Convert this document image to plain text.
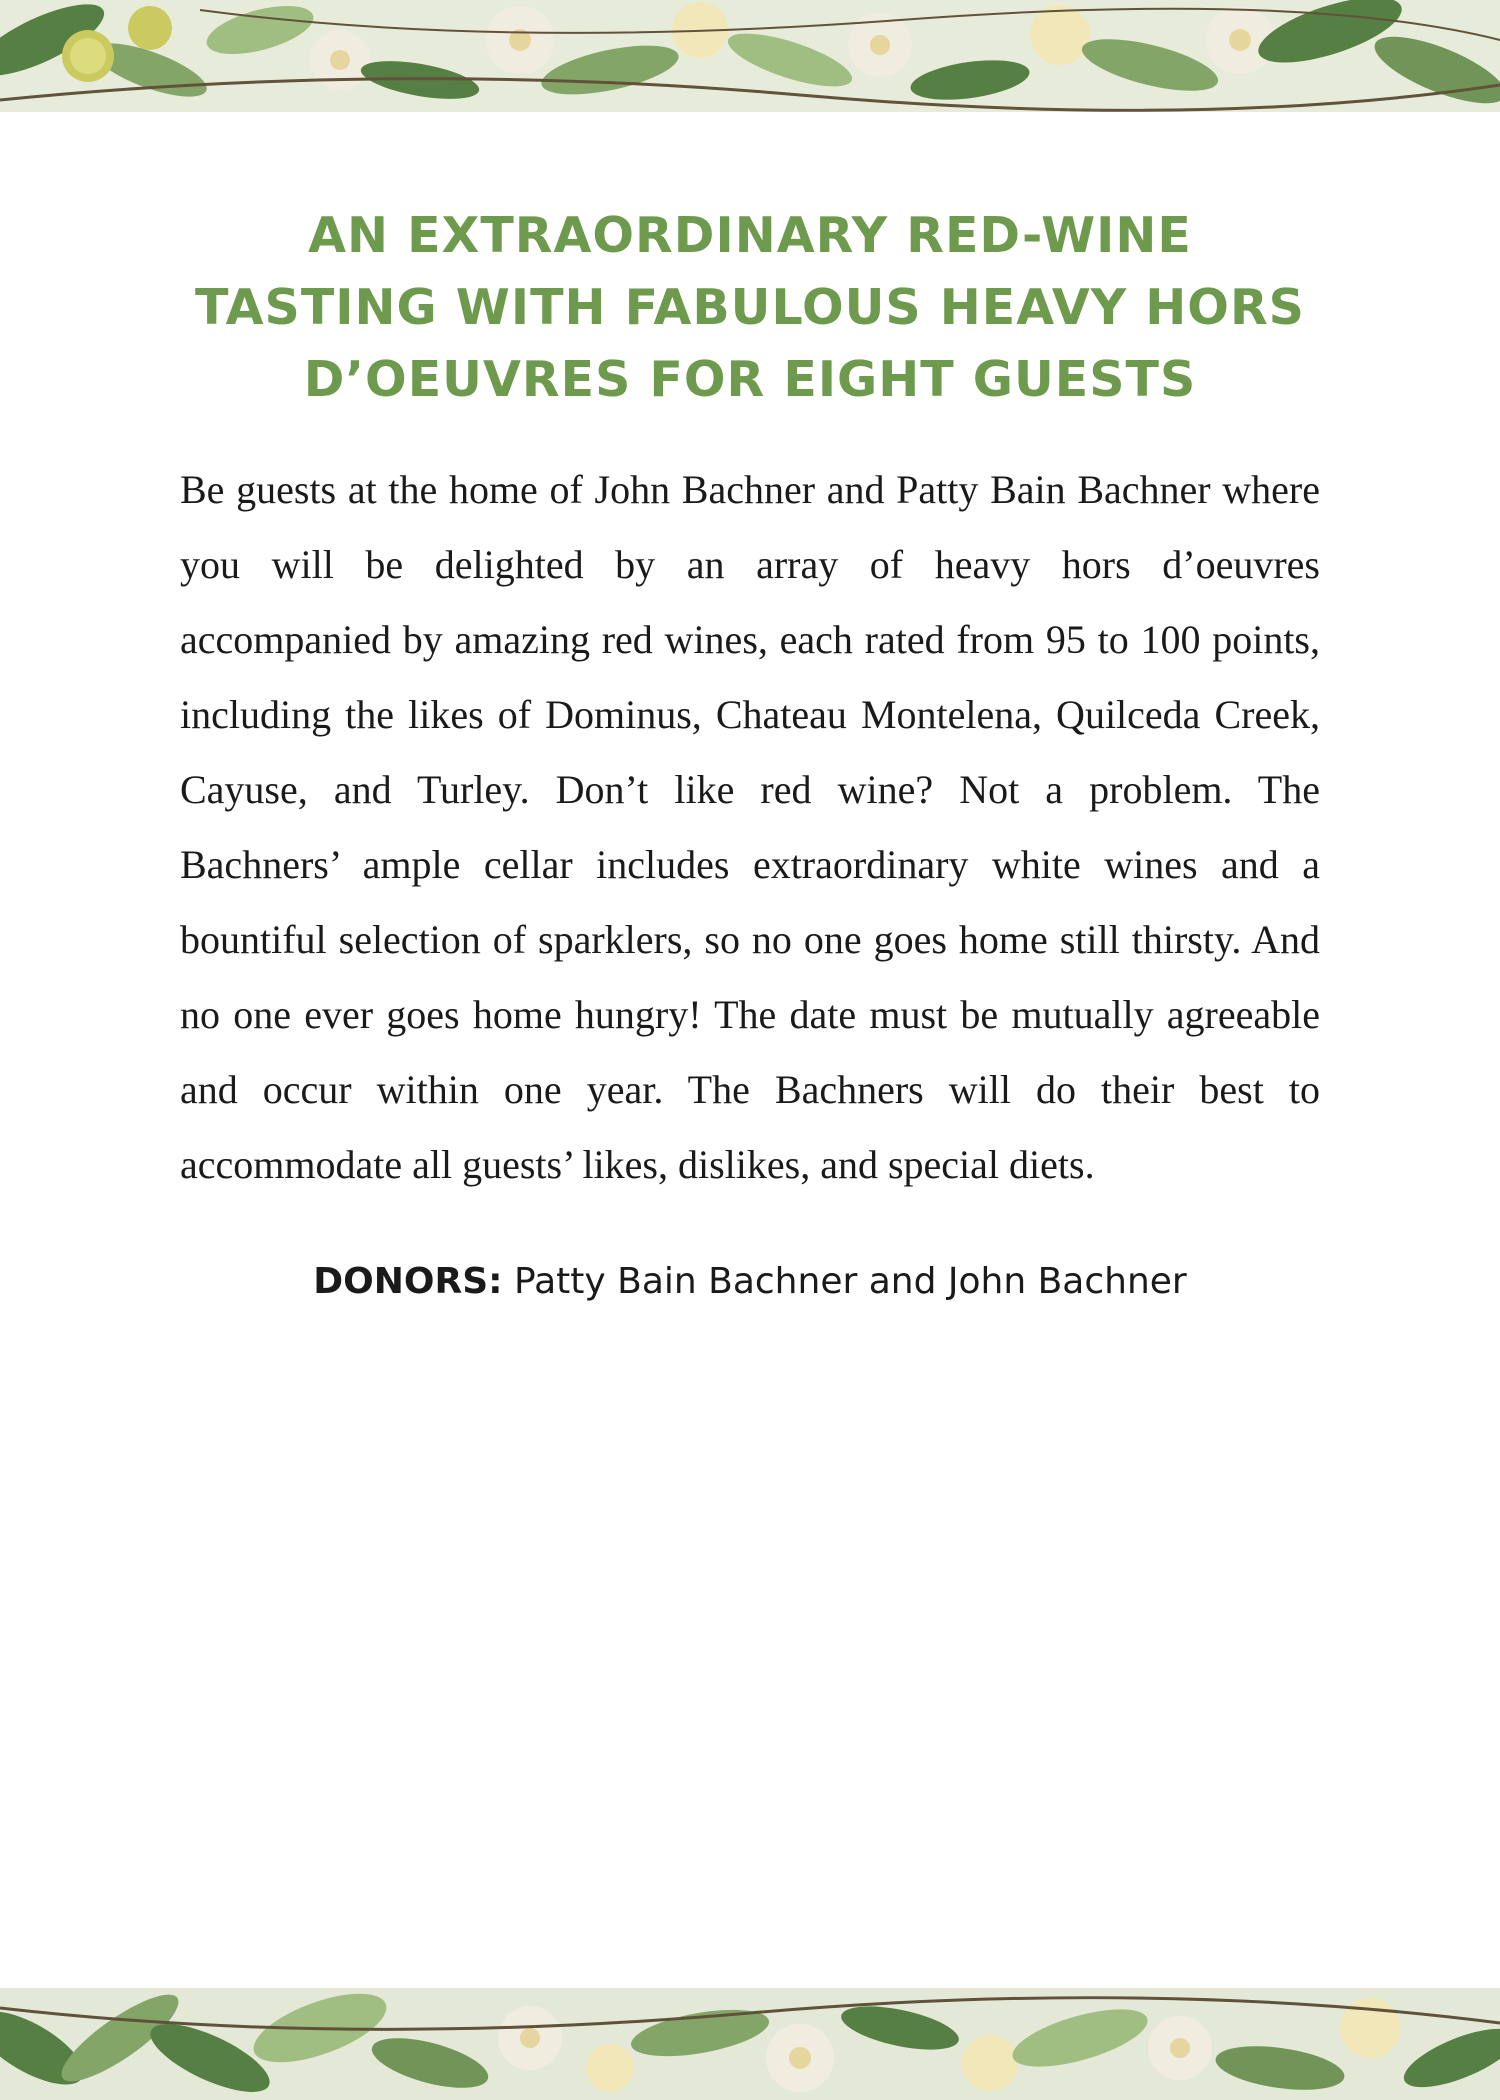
AN EXTRAORDINARY RED-WINE
TASTING WITH FABULOUS HEAVY HORS
D’OEUVRES FOR EIGHT GUESTS

Be guests at the home of John Bachner and Patty Bain Bachner where you will be delighted by an array of heavy hors d’oeuvres accompanied by amazing red wines, each rated from 95 to 100 points, including the likes of Dominus, Chateau Montelena, Quilceda Creek, Cayuse, and Turley. Don’t like red wine? Not a problem. The Bachners’ ample cellar includes extraordinary white wines and a bountiful selection of sparklers, so no one goes home still thirsty. And no one ever goes home hungry! The date must be mutually agreeable and occur within one year. The Bachners will do their best to accommodate all guests’ likes, dislikes, and special diets.

DONORS: Patty Bain Bachner and John Bachner
